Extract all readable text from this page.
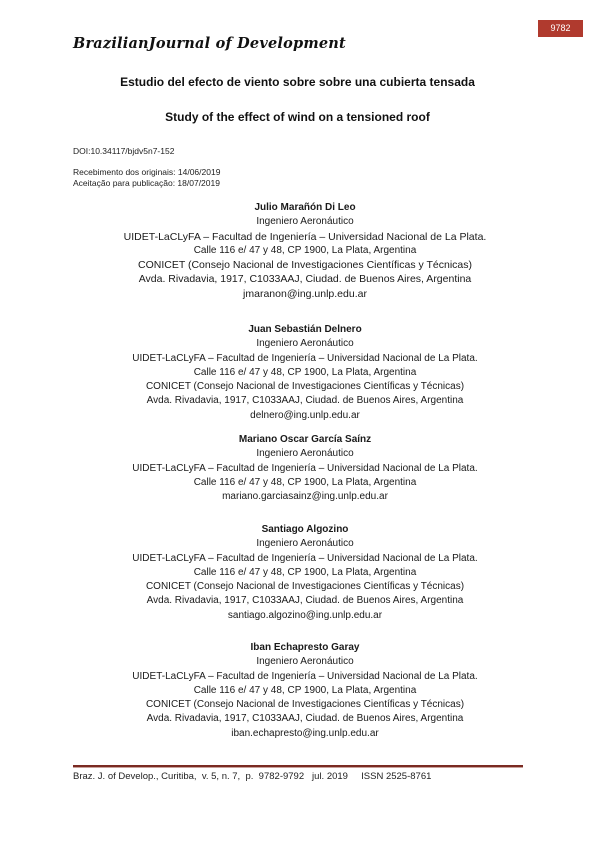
9782
BrazilianJournal of Development
Estudio del efecto de viento sobre sobre una cubierta tensada
Study of the effect of wind on a tensioned roof
DOI:10.34117/bjdv5n7-152
Recebimento dos originais: 14/06/2019
Aceitação para publicação: 18/07/2019
Julio Marañón Di Leo
Ingeniero Aeronáutico
UIDET-LaCLyFA – Facultad de Ingeniería – Universidad Nacional de La Plata.
Calle 116 e/ 47 y 48, CP 1900, La Plata, Argentina
CONICET (Consejo Nacional de Investigaciones Científicas y Técnicas)
Avda. Rivadavia, 1917, C1033AAJ, Ciudad. de Buenos Aires, Argentina
jmaranon@ing.unlp.edu.ar
Juan Sebastián Delnero
Ingeniero Aeronáutico
UIDET-LaCLyFA – Facultad de Ingeniería – Universidad Nacional de La Plata.
Calle 116 e/ 47 y 48, CP 1900, La Plata, Argentina
CONICET (Consejo Nacional de Investigaciones Científicas y Técnicas)
Avda. Rivadavia, 1917, C1033AAJ, Ciudad. de Buenos Aires, Argentina
delnero@ing.unlp.edu.ar
Mariano Oscar García Saínz
Ingeniero Aeronáutico
UIDET-LaCLyFA – Facultad de Ingeniería – Universidad Nacional de La Plata.
Calle 116 e/ 47 y 48, CP 1900, La Plata, Argentina
mariano.garciasainz@ing.unlp.edu.ar
Santiago Algozino
Ingeniero Aeronáutico
UIDET-LaCLyFA – Facultad de Ingeniería – Universidad Nacional de La Plata.
Calle 116 e/ 47 y 48, CP 1900, La Plata, Argentina
CONICET (Consejo Nacional de Investigaciones Científicas y Técnicas)
Avda. Rivadavia, 1917, C1033AAJ, Ciudad. de Buenos Aires, Argentina
santiago.algozino@ing.unlp.edu.ar
Iban Echapresto Garay
Ingeniero Aeronáutico
UIDET-LaCLyFA – Facultad de Ingeniería – Universidad Nacional de La Plata.
Calle 116 e/ 47 y 48, CP 1900, La Plata, Argentina
CONICET (Consejo Nacional de Investigaciones Científicas y Técnicas)
Avda. Rivadavia, 1917, C1033AAJ, Ciudad. de Buenos Aires, Argentina
iban.echapresto@ing.unlp.edu.ar
Braz. J. of Develop., Curitiba,  v. 5, n. 7,  p.  9782-9792   jul. 2019     ISSN 2525-8761
